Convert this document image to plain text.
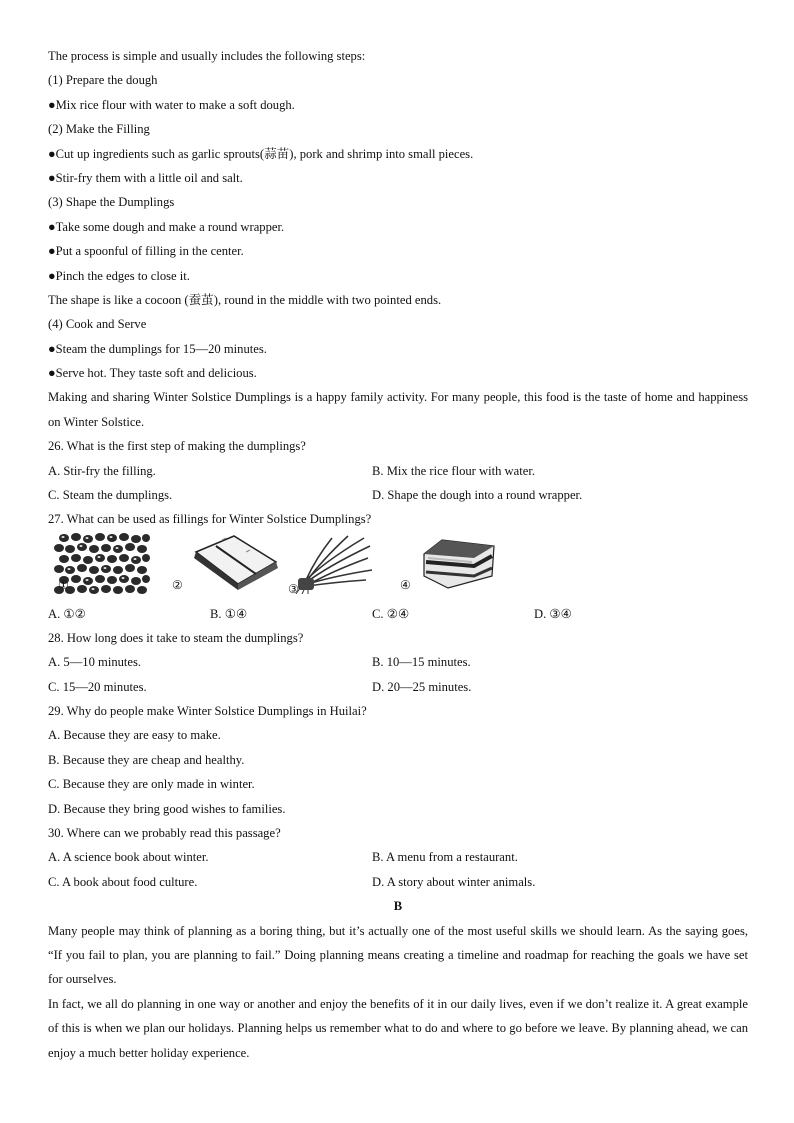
The process is simple and usually includes the following steps:
(1) Prepare the dough
●Mix rice flour with water to make a soft dough.
(2) Make the Filling
●Cut up ingredients such as garlic sprouts(蒜苗), pork and shrimp into small pieces.
●Stir-fry them with a little oil and salt.
(3) Shape the Dumplings
●Take some dough and make a round wrapper.
●Put a spoonful of filling in the center.
●Pinch the edges to close it.
The shape is like a cocoon (蚕茧), round in the middle with two pointed ends.
(4) Cook and Serve
●Steam the dumplings for 15—20 minutes.
●Serve hot. They taste soft and delicious.
Making and sharing Winter Solstice Dumplings is a happy family activity. For many people, this food is the taste of home and happiness on Winter Solstice.
26. What is the first step of making the dumplings?
A. Stir-fry the filling.	B. Mix the rice flour with water.
C. Steam the dumplings.	D. Shape the dough into a round wrapper.
27. What can be used as fillings for Winter Solstice Dumplings?
①	②	③	④
A. ①②	B. ①④	C. ②④	D. ③④
28. How long does it take to steam the dumplings?
A. 5—10 minutes.	B. 10—15 minutes.
C. 15—20 minutes.	D. 20—25 minutes.
29. Why do people make Winter Solstice Dumplings in Huilai?
A. Because they are easy to make.
B. Because they are cheap and healthy.
C. Because they are only made in winter.
D. Because they bring good wishes to families.
30. Where can we probably read this passage?
A. A science book about winter.	B. A menu from a restaurant.
C. A book about food culture.	D. A story about winter animals.
B
Many people may think of planning as a boring thing, but it’s actually one of the most useful skills we should learn. As the saying goes, “If you fail to plan, you are planning to fail.” Doing planning means creating a timeline and roadmap for reaching the goals we have set for ourselves.
In fact, we all do planning in one way or another and enjoy the benefits of it in our daily lives, even if we don’t realize it. A great example of this is when we plan our holidays. Planning helps us remember what to do and where to go before we leave. By planning ahead, we can enjoy a much better holiday experience.
